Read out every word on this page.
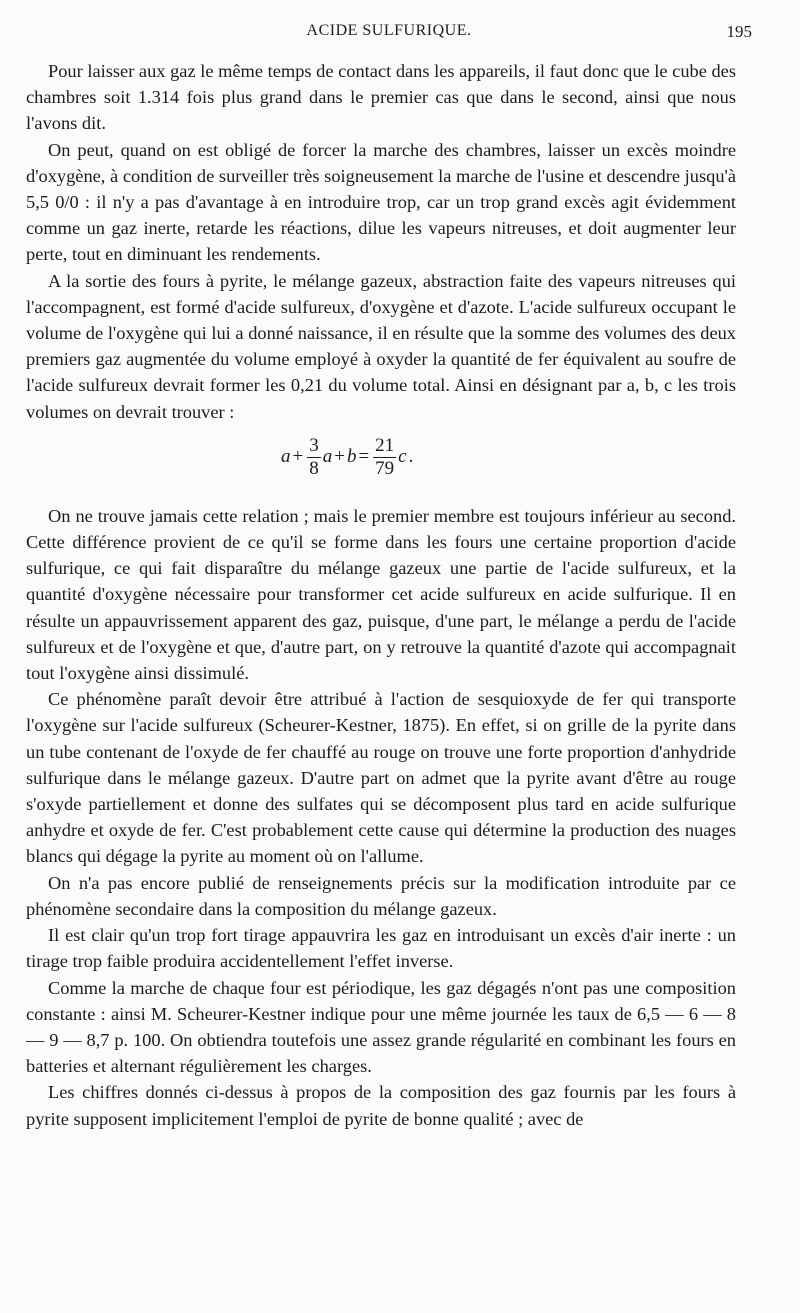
ACIDE SULFURIQUE.	195

Pour laisser aux gaz le même temps de contact dans les appareils, il faut donc que le cube des chambres soit 1.314 fois plus grand dans le premier cas que dans le second, ainsi que nous l'avons dit.

On peut, quand on est obligé de forcer la marche des chambres, laisser un excès moindre d'oxygène, à condition de surveiller très soigneusement la marche de l'usine et descendre jusqu'à 5,5 0/0 : il n'y a pas d'avantage à en introduire trop, car un trop grand excès agit évidemment comme un gaz inerte, retarde les réactions, dilue les vapeurs nitreuses, et doit augmenter leur perte, tout en diminuant les rendements.

A la sortie des fours à pyrite, le mélange gazeux, abstraction faite des vapeurs nitreuses qui l'accompagnent, est formé d'acide sulfureux, d'oxygène et d'azote. L'acide sulfureux occupant le volume de l'oxygène qui lui a donné naissance, il en résulte que la somme des volumes des deux premiers gaz augmentée du volume employé à oxyder la quantité de fer équivalent au soufre de l'acide sulfureux devrait former les 0,21 du volume total. Ainsi en désignant par a, b, c les trois volumes on devrait trouver :

$a + \frac{3}{8}$ $a + b = \frac{21}{79}$ c .

On ne trouve jamais cette relation ; mais le premier membre est toujours inférieur au second. Cette différence provient de ce qu'il se forme dans les fours une certaine proportion d'acide sulfurique, ce qui fait disparaître du mélange gazeux une partie de l'acide sulfureux, et la quantité d'oxygène nécessaire pour transformer cet acide sulfureux en acide sulfurique. Il en résulte un appauvrissement apparent des gaz, puisque, d'une part, le mélange a perdu de l'acide sulfureux et de l'oxygène et que, d'autre part, on y retrouve la quantité d'azote qui accompagnait tout l'oxygène ainsi dissimulé.

Ce phénomène paraît devoir être attribué à l'action de sesquioxyde de fer qui transporte l'oxygène sur l'acide sulfureux (Scheurer-Kestner, 1875). En effet, si on grille de la pyrite dans un tube contenant de l'oxyde de fer chauffé au rouge on trouve une forte proportion d'anhydride sulfurique dans le mélange gazeux. D'autre part on admet que la pyrite avant d'être au rouge s'oxyde partiellement et donne des sulfates qui se décomposent plus tard en acide sulfurique anhydre et oxyde de fer. C'est probablement cette cause qui détermine la production des nuages blancs qui dégage la pyrite au moment où on l'allume.

On n'a pas encore publié de renseignements précis sur la modification introduite par ce phénomène secondaire dans la composition du mélange gazeux.

Il est clair qu'un trop fort tirage appauvrira les gaz en introduisant un excès d'air inerte : un tirage trop faible produira accidentellement l'effet inverse.

Comme la marche de chaque four est périodique, les gaz dégagés n'ont pas une composition constante : ainsi M. Scheurer-Kestner indique pour une même journée les taux de 6,5 — 6 — 8 — 9 — 8,7 p. 100. On obtiendra toutefois une assez grande régularité en combinant les fours en batteries et alternant régulièrement les charges.

Les chiffres donnés ci-dessus à propos de la composition des gaz fournis par les fours à pyrite supposent implicitement l'emploi de pyrite de bonne qualité ; avec de
